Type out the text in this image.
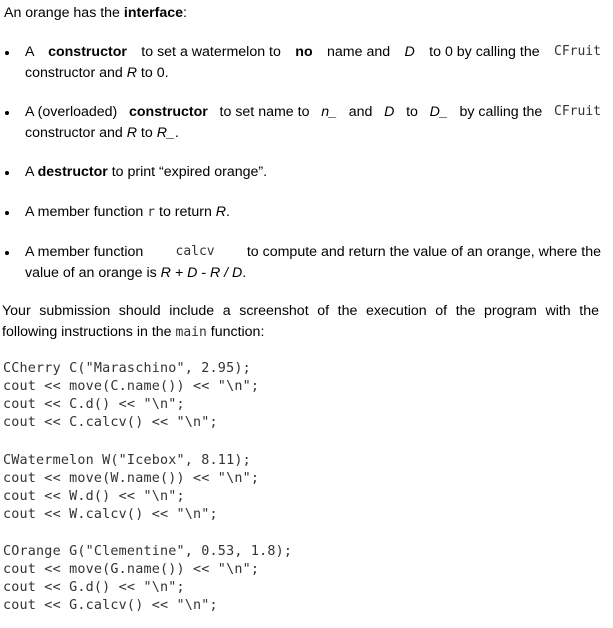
An orange has the interface:
A constructor to set a watermelon to no name and D to 0 by calling the CFruit
constructor and R to 0.
A (overloaded) constructor to set name to n_ and D to D_ by calling the CFruit
constructor and R to R_.
A destructor to print “expired orange”.
A member function r to return R.
A member function calcv to compute and return the value of an orange, where the
value of an orange is R + D - R / D.
Your submission should include a screenshot of the execution of the program with the
following instructions in the main function:
CCherry C("Maraschino", 2.95);
cout << move(C.name()) << "\n";
cout << C.d() << "\n";
cout << C.calcv() << "\n";
CWatermelon W("Icebox", 8.11);
cout << move(W.name()) << "\n";
cout << W.d() << "\n";
cout << W.calcv() << "\n";
COrange G("Clementine", 0.53, 1.8);
cout << move(G.name()) << "\n";
cout << G.d() << "\n";
cout << G.calcv() << "\n";
